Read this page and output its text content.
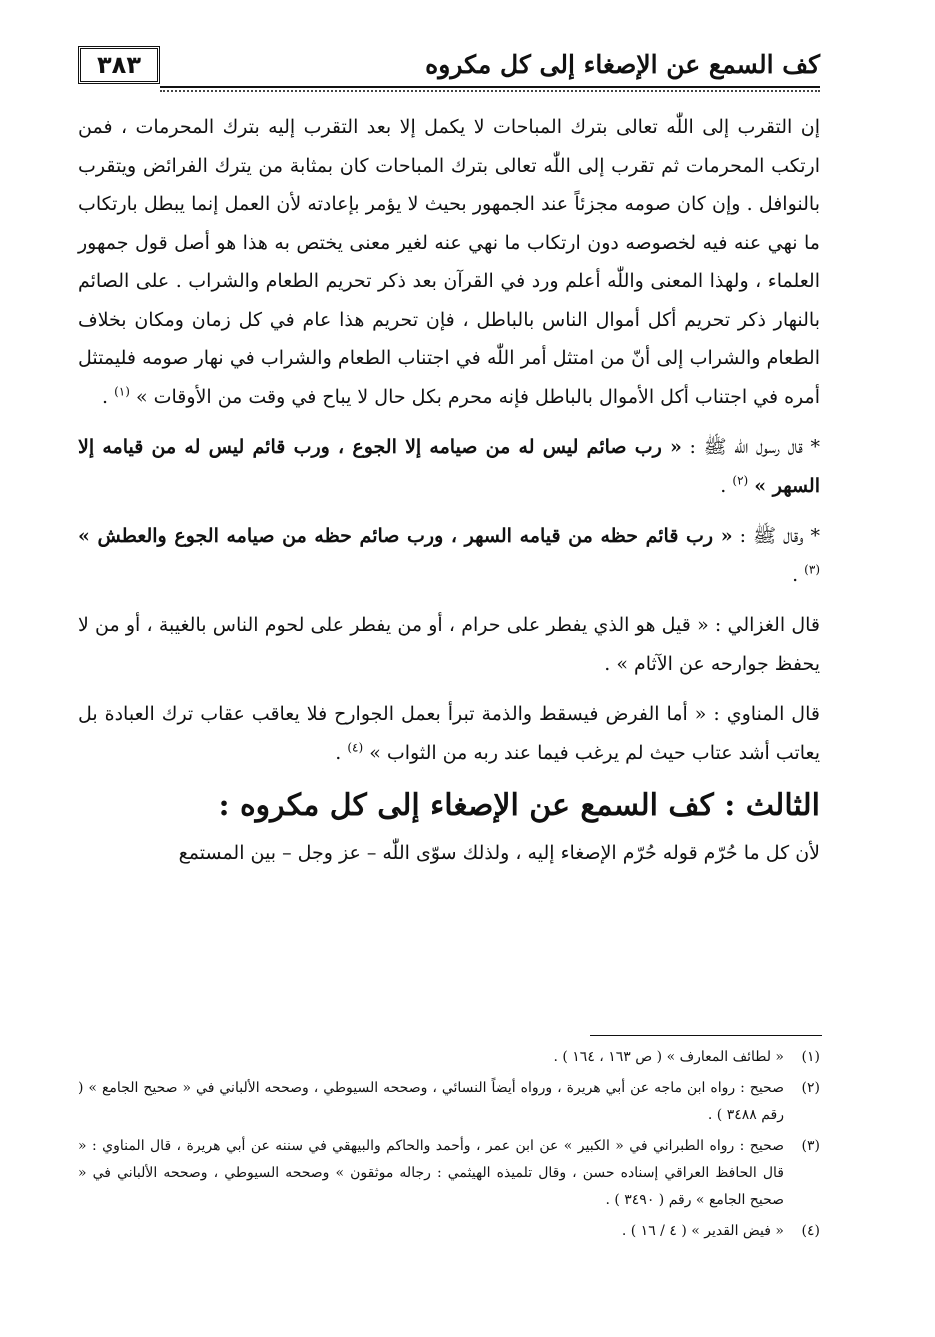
٣٨٣	كف السمع عن الإصغاء إلى كل مكروه

إن التقرب إلى اللّٰه تعالى بترك المباحات لا يكمل إلا بعد التقرب إليه بترك المحرمات ، فمن ارتكب المحرمات ثم تقرب إلى اللّٰه تعالى بترك المباحات كان بمثابة من يترك الفرائض ويتقرب بالنوافل . وإن كان صومه مجزئاً عند الجمهور بحيث لا يؤمر بإعادته لأن العمل إنما يبطل بارتكاب ما نهي عنه فيه لخصوصه دون ارتكاب ما نهي عنه لغير معنى يختص به هذا هو أصل قول جمهور العلماء ، ولهذا المعنى واللّٰه أعلم ورد في القرآن بعد ذكر تحريم الطعام والشراب . على الصائم بالنهار ذكر تحريم أكل أموال الناس بالباطل ، فإن تحريم هذا عام في كل زمان ومكان بخلاف الطعام والشراب إلى أنّ من امتثل أمر اللّٰه في اجتناب الطعام والشراب في نهار صومه فليمتثل أمره في اجتناب أكل الأموال بالباطل فإنه محرم بكل حال لا يباح في وقت من الأوقات » $^{(١)}$ .

* قال رسول اللّٰه ﷺ : « رب صائم ليس له من صيامه إلا الجوع ، ورب قائم ليس له من قيامه إلا السهر » $^{(٢)}$ .

* وقال ﷺ : « رب قائم حظه من قيامه السهر ، ورب صائم حظه من صيامه الجوع والعطش » $^{(٣)}$ .

قال الغزالي : « قيل هو الذي يفطر على حرام ، أو من يفطر على لحوم الناس بالغيبة ، أو من لا يحفظ جوارحه عن الآثام » .

قال المناوي : « أما الفرض فيسقط والذمة تبرأ بعمل الجوارح فلا يعاقب عقاب ترك العبادة بل يعاتب أشد عتاب حيث لم يرغب فيما عند ربه من الثواب » $^{(٤)}$ .

الثالث : كف السمع عن الإصغاء إلى كل مكروه :

لأن كل ما حُرّم قوله حُرّم الإصغاء إليه ، ولذلك سوّى اللّٰه – عز وجل – بين المستمع

(١)
« لطائف المعارف » ( ص ١٦٣ ، ١٦٤ ) .
(٢)
صحيح : رواه ابن ماجه عن أبي هريرة ، ورواه أيضاً النسائي ، وصححه السيوطي ، وصححه الألباني في « صحيح الجامع » ( رقم ٣٤٨٨ ) .
(٣)
صحيح : رواه الطبراني في « الكبير » عن ابن عمر ، وأحمد والحاكم والبيهقي في سننه عن أبي هريرة ، قال المناوي : « قال الحافظ العراقي إسناده حسن ، وقال تلميذه الهيثمي : رجاله موثقون » وصححه السيوطي ، وصححه الألباني في « صحيح الجامع » رقم ( ٣٤٩٠ ) .
(٤)
« فيض القدير » ( ٤ / ١٦ ) .
